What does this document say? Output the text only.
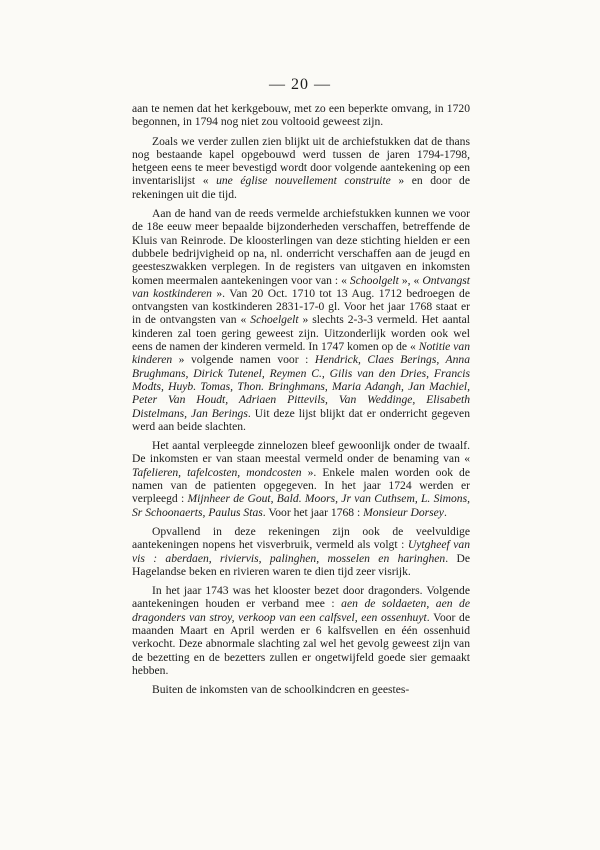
— 20 —

aan te nemen dat het kerkgebouw, met zo een beperkte omvang, in 1720 begonnen, in 1794 nog niet zou voltooid geweest zijn.

Zoals we verder zullen zien blijkt uit de archiefstukken dat de thans nog bestaande kapel opgebouwd werd tussen de jaren 1794-1798, hetgeen eens te meer bevestigd wordt door volgende aantekening op een inventarislijst « une église nouvellement construite » en door de rekeningen uit die tijd.

Aan de hand van de reeds vermelde archiefstukken kunnen we voor de 18e eeuw meer bepaalde bijzonderheden verschaffen, betreffende de Kluis van Reinrode. De kloosterlingen van deze stichting hielden er een dubbele bedrijvigheid op na, nl. onderricht verschaffen aan de jeugd en geesteszwakken verplegen. In de registers van uitgaven en inkomsten komen meermalen aantekeningen voor van : « Schoolgelt », « Ontvangst van kostkinderen ». Van 20 Oct. 1710 tot 13 Aug. 1712 bedroegen de ontvangsten van kostkinderen 2831-17-0 gl. Voor het jaar 1768 staat er in de ontvangsten van « Schoelgelt » slechts 2-3-3 vermeld. Het aantal kinderen zal toen gering geweest zijn. Uitzonderlijk worden ook wel eens de namen der kinderen vermeld. In 1747 komen op de « Notitie van kinderen » volgende namen voor : Hendrick, Claes Berings, Anna Brughmans, Dirick Tutenel, Reymen C., Gilis van den Dries, Francis Modts, Huyb. Tomas, Thon. Bringhmans, Maria Adangh, Jan Machiel, Peter Van Houdt, Adriaen Pittevils, Van Weddinge, Elisabeth Distelmans, Jan Berings. Uit deze lijst blijkt dat er onderricht gegeven werd aan beide slachten.

Het aantal verpleegde zinnelozen bleef gewoonlijk onder de twaalf. De inkomsten er van staan meestal vermeld onder de benaming van « Tafelieren, tafelcosten, mondcosten ». Enkele malen worden ook de namen van de patienten opgegeven. In het jaar 1724 werden er verpleegd : Mijnheer de Gout, Bald. Moors, Jr van Cuthsem, L. Simons, Sr Schoonaerts, Paulus Stas. Voor het jaar 1768 : Monsieur Dorsey.

Opvallend in deze rekeningen zijn ook de veelvuldige aantekeningen nopens het visverbruik, vermeld als volgt : Uytgheef van vis : aberdaen, riviervis, palinghen, mosselen en haringhen. De Hagelandse beken en rivieren waren te dien tijd zeer visrijk.

In het jaar 1743 was het klooster bezet door dragonders. Volgende aantekeningen houden er verband mee : aen de soldaeten, aen de dragonders van stroy, verkoop van een calfsvel, een ossenhuyt. Voor de maanden Maart en April werden er 6 kalfsvellen en één ossenhuid verkocht. Deze abnormale slachting zal wel het gevolg geweest zijn van de bezetting en de bezetters zullen er ongetwijfeld goede sier gemaakt hebben.

Buiten de inkomsten van de schoolkindcren en geestes-
